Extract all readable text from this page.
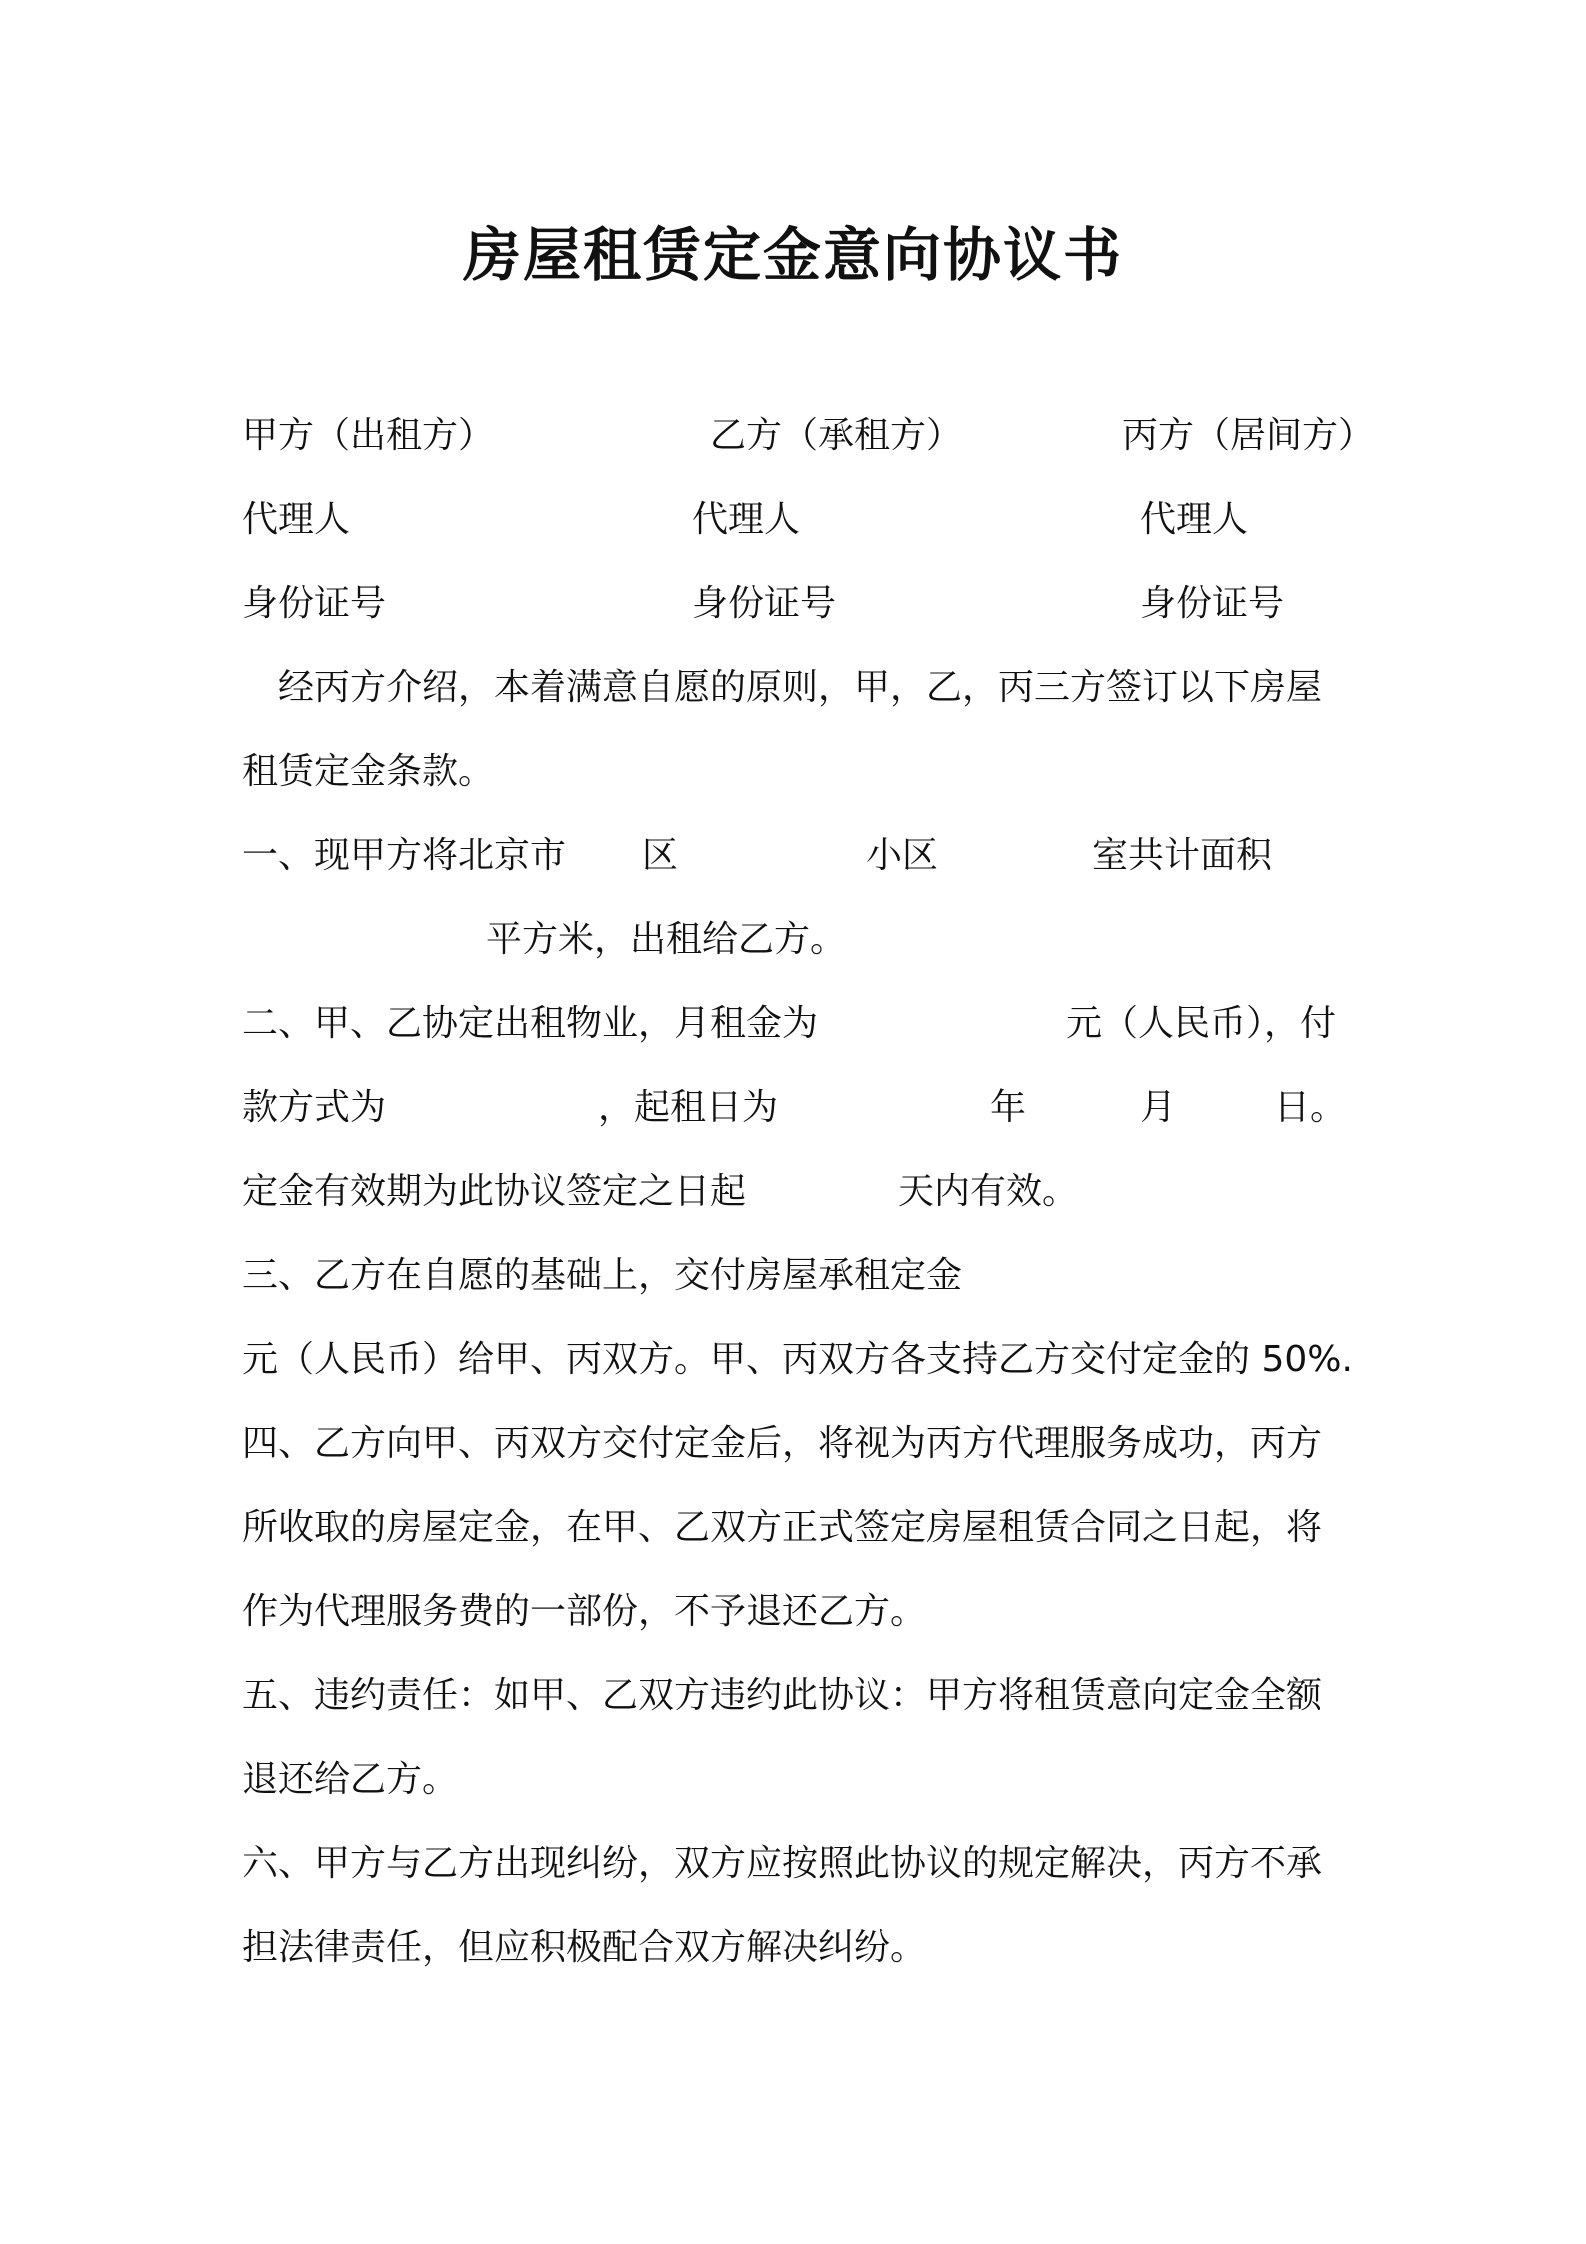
房屋租赁定金意向协议书
甲方（出租方）	乙方（承租方）	丙方（居间方）
代理人	代理人	代理人
身份证号	身份证号	身份证号
经丙方介绍，本着满意自愿的原则，甲，乙，丙三方签订以下房屋
租赁定金条款。
一、现甲方将北京市 区	小区	室共计面积
平方米，出租给乙方。
二、甲、乙协定出租物业，月租金为	元（人民币），付
款方式为	，起租日为	年	月	日。
定金有效期为此协议签定之日起	天内有效。
三、乙方在自愿的基础上，交付房屋承租定金
元（人民币）给甲、丙双方。甲、丙双方各支持乙方交付定金的 50%.
四、乙方向甲、丙双方交付定金后，将视为丙方代理服务成功，丙方
所收取的房屋定金，在甲、乙双方正式签定房屋租赁合同之日起，将
作为代理服务费的一部份，不予退还乙方。
五、违约责任：如甲、乙双方违约此协议：甲方将租赁意向定金全额
退还给乙方。
六、甲方与乙方出现纠纷，双方应按照此协议的规定解决，丙方不承
担法律责任，但应积极配合双方解决纠纷。
